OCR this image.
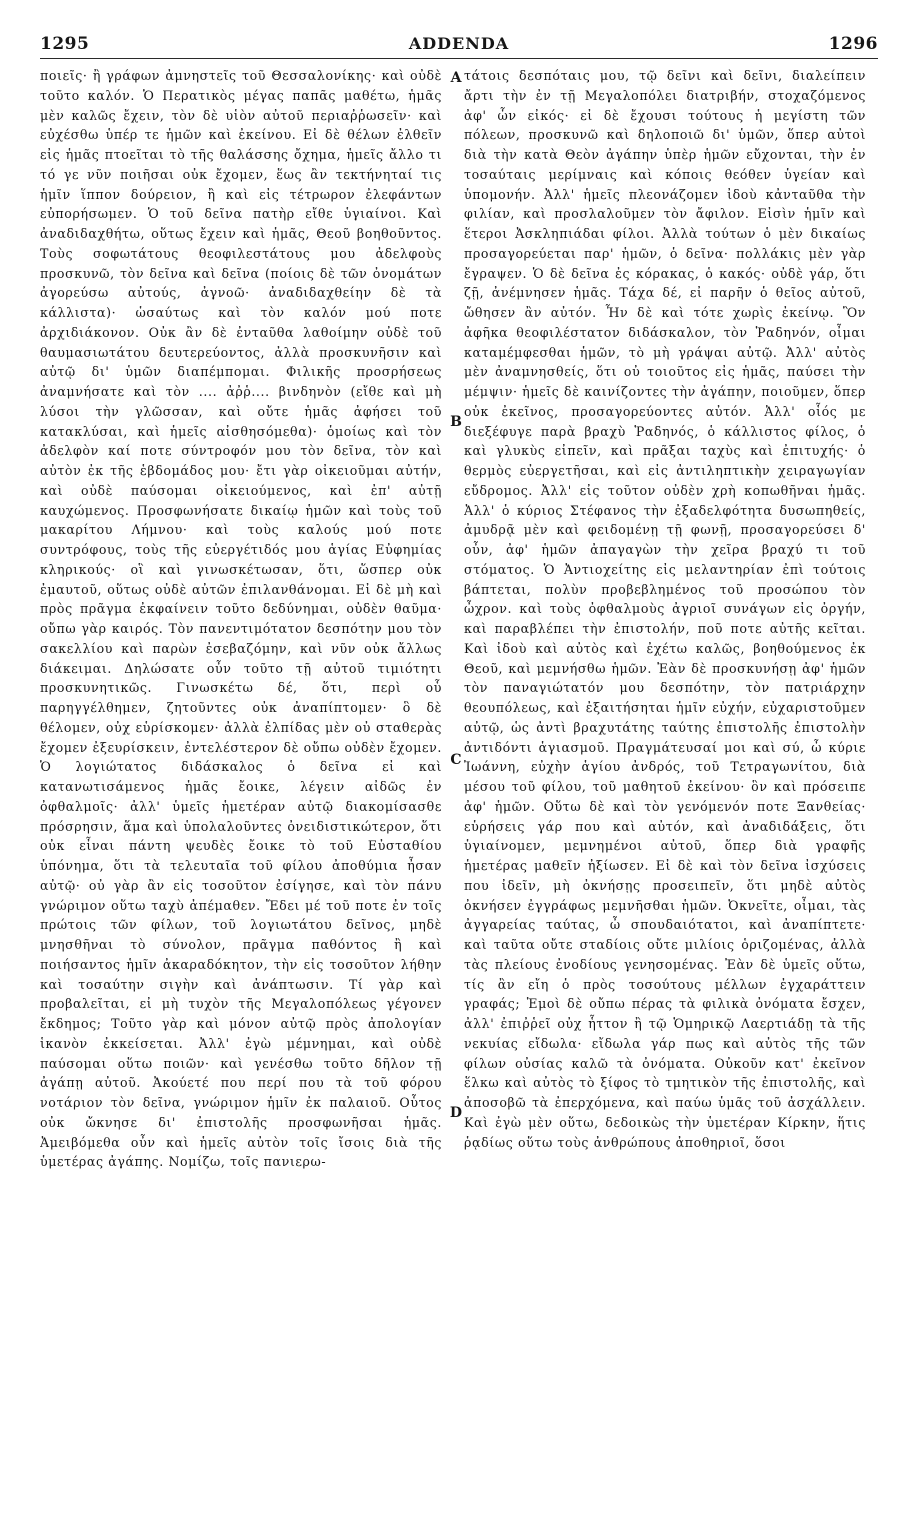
1295	ADDENDA	1296

ποιεῖς· ἢ γράφων ἀμνηστεῖς τοῦ Θεσσαλονίκης· καὶ οὐδὲ τοῦτο καλόν. Ὁ Περατικὸς μέγας παπᾶς μαθέτω, ἡμᾶς μὲν καλῶς ἔχειν, τὸν δὲ υἱὸν αὐτοῦ περιαῤῥωσεῖν· καὶ εὐχέσθω ὑπέρ τε ἡμῶν καὶ ἐκείνου. Εἰ δὲ θέλων ἐλθεῖν εἰς ἡμᾶς πτοεῖται τὸ τῆς θαλάσσης ὄχημα, ἡμεῖς ἄλλο τι τό γε νῦν ποιῆσαι οὐκ ἔχομεν, ἕως ἂν τεκτήνηταί τις ἡμῖν ἵππον δούρειον, ἢ καὶ εἰς τέτρωρον ἐλεφάντων εὐπορήσωμεν. Ὁ τοῦ δεῖνα πατὴρ εἴθε ὑγιαίνοι. Καὶ ἀναδιδαχθήτω, οὕτως ἔχειν καὶ ἡμᾶς, Θεοῦ βοηθοῦντος. Τοὺς σοφωτάτους θεοφιλεστάτους μου ἀδελφοὺς προσκυνῶ, τὸν δεῖνα καὶ δεῖνα (ποίοις δὲ τῶν ὀνομάτων ἀγορεύσω αὐτούς, ἀγνοῶ· ἀναδιδαχθείην δὲ τὰ κάλλιστα)· ὡσαύτως καὶ τὸν καλόν μού ποτε ἀρχιδιάκονον. Οὐκ ἂν δὲ ἐνταῦθα λαθοίμην οὐδὲ τοῦ θαυμασιωτάτου δευτερεύοντος, ἀλλὰ προσκυνῆσιν καὶ αὐτῷ δι' ὑμῶν διαπέμπομαι. Φιλικῆς προσρήσεως ἀναμνήσατε καὶ τὸν .... ἀῤῥ.... βινδηνὸν (εἴθε καὶ μὴ λύσοι τὴν γλῶσσαν, καὶ οὔτε ἡμᾶς ἀφήσει τοῦ κατακλύσαι, καὶ ἡμεῖς αἰσθησόμεθα)· ὁμοίως καὶ τὸν ἀδελφὸν καί ποτε σύντροφόν μου τὸν δεῖνα, τὸν καὶ αὐτὸν ἐκ τῆς ἑβδομάδος μου· ἔτι γὰρ οἰκειοῦμαι αὐτήν, καὶ οὐδὲ παύσομαι οἰκειούμενος, καὶ ἐπ' αὐτῇ καυχώμενος. Προσφωνήσατε δικαίῳ ἡμῶν καὶ τοὺς τοῦ μακαρίτου Λήμνου· καὶ τοὺς καλούς μού ποτε συντρόφους, τοὺς τῆς εὐεργέτιδός μου ἁγίας Εὐφημίας κληρικούς· οἳ καὶ γινωσκέτωσαν, ὅτι, ὥσπερ οὐκ ἐμαυτοῦ, οὕτως οὐδὲ αὐτῶν ἐπιλανθάνομαι. Εἰ δὲ μὴ καὶ πρὸς πρᾶγμα ἐκφαίνειν τοῦτο δεδύνημαι, οὐδὲν θαῦμα· οὔπω γὰρ καιρός. Τὸν πανεντιμότατον δεσπότην μου τὸν σακελλίου καὶ παρὼν ἐσεβαζόμην, καὶ νῦν οὐκ ἄλλως διάκειμαι. Δηλώσατε οὖν τοῦτο τῇ αὐτοῦ τιμιότητι προσκυνητικῶς. Γινωσκέτω δέ, ὅτι, περὶ οὗ παρηγγέλθημεν, ζητοῦντες οὐκ ἀναπίπτομεν· ὃ δὲ θέλομεν, οὐχ εὑρίσκομεν· ἀλλὰ ἐλπίδας μὲν οὐ σταθερὰς ἔχομεν ἐξευρίσκειν, ἐντελέστερον δὲ οὔπω οὐδὲν ἔχομεν. Ὁ λογιώτατος διδάσκαλος ὁ δεῖνα εἰ καὶ κατανωτισάμενος ἡμᾶς ἔοικε, λέγειν αἰδῶς ἐν ὀφθαλμοῖς· ἀλλ' ὑμεῖς ἡμετέραν αὐτῷ διακομίσασθε πρόσρησιν, ἅμα καὶ ὑπολαλοῦντες ὀνειδιστικώτερον, ὅτι οὐκ εἶναι πάντη ψευδὲς ἔοικε τὸ τοῦ Εὐσταθίου ὑπόνημα, ὅτι τὰ τελευταῖα τοῦ φίλου ἀποθύμια ἦσαν αὐτῷ· οὐ γὰρ ἂν εἰς τοσοῦτον ἐσίγησε, καὶ τὸν πάνυ γνώριμον οὕτω ταχὺ ἀπέμαθεν. Ἔδει μέ τοῦ ποτε ἐν τοῖς πρώτοις τῶν φίλων, τοῦ λογιωτάτου δεῖνος, μηδὲ μνησθῆναι τὸ σύνολον, πρᾶγμα παθόντος ἢ καὶ ποιήσαντος ἡμῖν ἀκαραδόκητον, τὴν εἰς τοσοῦτον λήθην καὶ τοσαύτην σιγὴν καὶ ἀνάπτωσιν. Τί γὰρ καὶ προβαλεῖται, εἰ μὴ τυχὸν τῆς Μεγαλοπόλεως γέγονεν ἔκδημος; Τοῦτο γὰρ καὶ μόνον αὐτῷ πρὸς ἀπολογίαν ἱκανὸν ἐκκείσεται. Ἀλλ' ἐγὼ μέμνημαι, καὶ οὐδὲ παύσομαι οὕτω ποιῶν· καὶ γενέσθω τοῦτο δῆλον τῇ ἀγάπῃ αὐτοῦ. Ἀκούετέ που περί που τὰ τοῦ φόρου νοτάριον τὸν δεῖνα, γνώριμον ἡμῖν ἐκ παλαιοῦ. Οὗτος οὐκ ὤκνησε δι' ἐπιστολῆς προσφωνῆσαι ἡμᾶς. Ἀμειβόμεθα οὖν καὶ ἡμεῖς αὐτὸν τοῖς ἴσοις διὰ τῆς ὑμετέρας ἀγάπης. Νομίζω, τοῖς πανιερω-

τάτοις δεσπόταις μου, τῷ δεῖνι καὶ δεῖνι, διαλείπειν ἄρτι τὴν ἐν τῇ Μεγαλοπόλει διατριβήν, στοχαζόμενος ἀφ' ὧν εἰκός· εἰ δὲ ἔχουσι τούτους ἡ μεγίστη τῶν πόλεων, προσκυνῶ καὶ δηλοποιῶ δι' ὑμῶν, ὅπερ αὐτοὶ διὰ τὴν κατὰ Θεὸν ἀγάπην ὑπὲρ ἡμῶν εὔχονται, τὴν ἐν τοσαύταις μερίμναις καὶ κόποις θεόθεν ὑγείαν καὶ ὑπομονήν. Ἀλλ' ἡμεῖς πλεονάζομεν ἰδοὺ κἀνταῦθα τὴν φιλίαν, καὶ προσλαλοῦμεν τὸν ἄφιλον. Εἰσὶν ἡμῖν καὶ ἕτεροι Ἀσκληπιάδαι φίλοι. Ἀλλὰ τούτων ὁ μὲν δικαίως προσαγορεύεται παρ' ἡμῶν, ὁ δεῖνα· πολλάκις μὲν γὰρ ἔγραψεν. Ὁ δὲ δεῖνα ἐς κόρακας, ὁ κακός· οὐδὲ γάρ, ὅτι ζῇ, ἀνέμνησεν ἡμᾶς. Τάχα δέ, εἰ παρῆν ὁ θεῖος αὐτοῦ, ὤθησεν ἂν αὐτόν. Ἦν δὲ καὶ τότε χωρὶς ἐκείνῳ. Ὃν ἀφῆκα θεοφιλέστατον διδάσκαλον, τὸν Ῥαδηνόν, οἶμαι καταμέμφεσθαι ἡμῶν, τὸ μὴ γράψαι αὐτῷ. Ἀλλ' αὐτὸς μὲν ἀναμνησθείς, ὅτι οὐ τοιοῦτος εἰς ἡμᾶς, παύσει τὴν μέμψιν· ἡμεῖς δὲ καινίζοντες τὴν ἀγάπην, ποιοῦμεν, ὅπερ οὐκ ἐκεῖνος, προσαγορεύοντες αὐτόν. Ἀλλ' οἷός με διεξέφυγε παρὰ βραχὺ Ῥαδηνός, ὁ κάλλιστος φίλος, ὁ καὶ γλυκὺς εἰπεῖν, καὶ πρᾶξαι ταχὺς καὶ ἐπιτυχής· ὁ θερμὸς εὐεργετῆσαι, καὶ εἰς ἀντιληπτικὴν χειραγωγίαν εὔδρομος. Ἀλλ' εἰς τοῦτον οὐδὲν χρὴ κοπωθῆναι ἡμᾶς. Ἀλλ' ὁ κύριος Στέφανος τὴν ἐξαδελφότητα δυσωπηθείς, ἀμυδρᾷ μὲν καὶ φειδομένῃ τῇ φωνῇ, προσαγορεύσει δ' οὖν, ἀφ' ἡμῶν ἀπαγαγὼν τὴν χεῖρα βραχύ τι τοῦ στόματος. Ὁ Ἀντιοχείτης εἰς μελαντηρίαν ἐπὶ τούτοις βάπτεται, πολὺν προβεβλημένος τοῦ προσώπου τὸν ὦχρον. καὶ τοὺς ὀφθαλμοὺς ἀγριοῖ συνάγων εἰς ὀργήν, καὶ παραβλέπει τὴν ἐπιστολήν, ποῦ ποτε αὐτῆς κεῖται. Καὶ ἰδοὺ καὶ αὐτὸς καὶ ἐχέτω καλῶς, βοηθούμενος ἐκ Θεοῦ, καὶ μεμνήσθω ἡμῶν. Ἐὰν δὲ προσκυνήσῃ ἀφ' ἡμῶν τὸν παναγιώτατόν μου δεσπότην, τὸν πατριάρχην θεουπόλεως, καὶ ἐξαιτήσηται ἡμῖν εὐχήν, εὐχαριστοῦμεν αὐτῷ, ὡς ἀντὶ βραχυτάτης ταύτης ἐπιστολῆς ἐπιστολὴν ἀντιδόντι ἁγιασμοῦ. Πραγμάτευσαί μοι καὶ σύ, ὦ κύριε Ἰωάννη, εὐχὴν ἁγίου ἀνδρός, τοῦ Τετραγωνίτου, διὰ μέσου τοῦ φίλου, τοῦ μαθητοῦ ἐκείνου· ὃν καὶ πρόσειπε ἀφ' ἡμῶν. Οὕτω δὲ καὶ τὸν γενόμενόν ποτε Ξανθείας· εὑρήσεις γάρ που καὶ αὐτόν, καὶ ἀναδιδάξεις, ὅτι ὑγιαίνομεν, μεμνημένοι αὐτοῦ, ὅπερ διὰ γραφῆς ἡμετέρας μαθεῖν ἠξίωσεν. Εἰ δὲ καὶ τὸν δεῖνα ἰσχύσεις που ἰδεῖν, μὴ ὀκνήσῃς προσειπεῖν, ὅτι μηδὲ αὐτὸς ὀκνήσεν ἐγγράφως μεμνῆσθαι ἡμῶν. Ὀκνεῖτε, οἶμαι, τὰς ἀγγαρείας ταύτας, ὦ σπουδαιότατοι, καὶ ἀναπίπτετε· καὶ ταῦτα οὔτε σταδίοις οὔτε μιλίοις ὁριζομένας, ἀλλὰ τὰς πλείους ἐνοδίους γενησομένας. Ἐὰν δὲ ὑμεῖς οὕτω, τίς ἂν εἴη ὁ πρὸς τοσούτους μέλλων ἐγχαράττειν γραφάς; Ἐμοὶ δὲ οὔπω πέρας τὰ φιλικὰ ὀνόματα ἔσχεν, ἀλλ' ἐπιῤῥεῖ οὐχ ἧττον ἢ τῷ Ὁμηρικῷ Λαερτιάδῃ τὰ τῆς νεκυίας εἴδωλα· εἴδωλα γάρ πως καὶ αὐτὸς τῆς τῶν φίλων οὐσίας καλῶ τὰ ὀνόματα. Οὐκοῦν κατ' ἐκεῖνον ἕλκω καὶ αὐτὸς τὸ ξίφος τὸ τμητικὸν τῆς ἐπιστολῆς, καὶ ἀποσοβῶ τὰ ἐπερχόμενα, καὶ παύω ὑμᾶς τοῦ ἀσχάλλειν. Καὶ ἐγὼ μὲν οὕτω, δεδοικὼς τὴν ὑμετέραν Κίρκην, ἥτις ῥᾳδίως οὕτω τοὺς ἀνθρώπους ἀποθηριοῖ, ὅσοι

A
B
C
D
